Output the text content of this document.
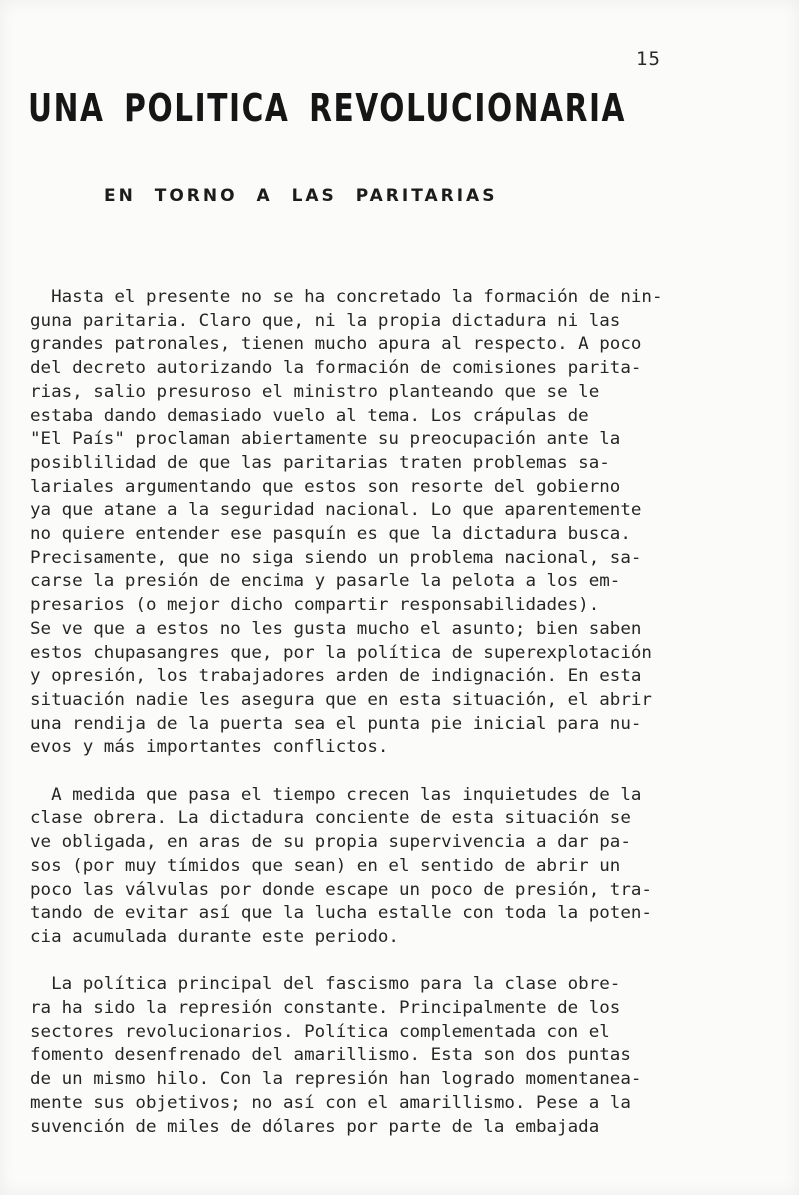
15
UNA POLITICA REVOLUCIONARIA
EN TORNO A LAS PARITARIAS
Hasta el presente no se ha concretado la formación de nin-
guna paritaria. Claro que, ni la propia dictadura ni las
grandes patronales, tienen mucho apura al respecto. A poco
del decreto autorizando la formación de comisiones parita-
rias, salio presuroso el ministro planteando que se le
estaba dando demasiado vuelo al tema. Los crápulas de
"El País" proclaman abiertamente su preocupación ante la
posiblilidad de que las paritarias traten problemas sa-
lariales argumentando que estos son resorte del gobierno
ya que atane a la seguridad nacional. Lo que aparentemente
no quiere entender ese pasquín es que la dictadura busca.
Precisamente, que no siga siendo un problema nacional, sa-
carse la presión de encima y pasarle la pelota a los em-
presarios (o mejor dicho compartir responsabilidades).
Se ve que a estos no les gusta mucho el asunto; bien saben
estos chupasangres que, por la política de superexplotación
y opresión, los trabajadores arden de indignación. En esta
situación nadie les asegura que en esta situación, el abrir
una rendija de la puerta sea el punta pie inicial para nu-
evos y más importantes conflictos.
A medida que pasa el tiempo crecen las inquietudes de la
clase obrera. La dictadura conciente de esta situación se
ve obligada, en aras de su propia supervivencia a dar pa-
sos (por muy tímidos que sean) en el sentido de abrir un
poco las válvulas por donde escape un poco de presión, tra-
tando de evitar así que la lucha estalle con toda la poten-
cia acumulada durante este periodo.
La política principal del fascismo para la clase obre-
ra ha sido la represión constante. Principalmente de los
sectores revolucionarios. Política complementada con el
fomento desenfrenado del amarillismo. Esta son dos puntas
de un mismo hilo. Con la represión han logrado momentanea-
mente sus objetivos; no así con el amarillismo. Pese a la
suvención de miles de dólares por parte de la embajada
